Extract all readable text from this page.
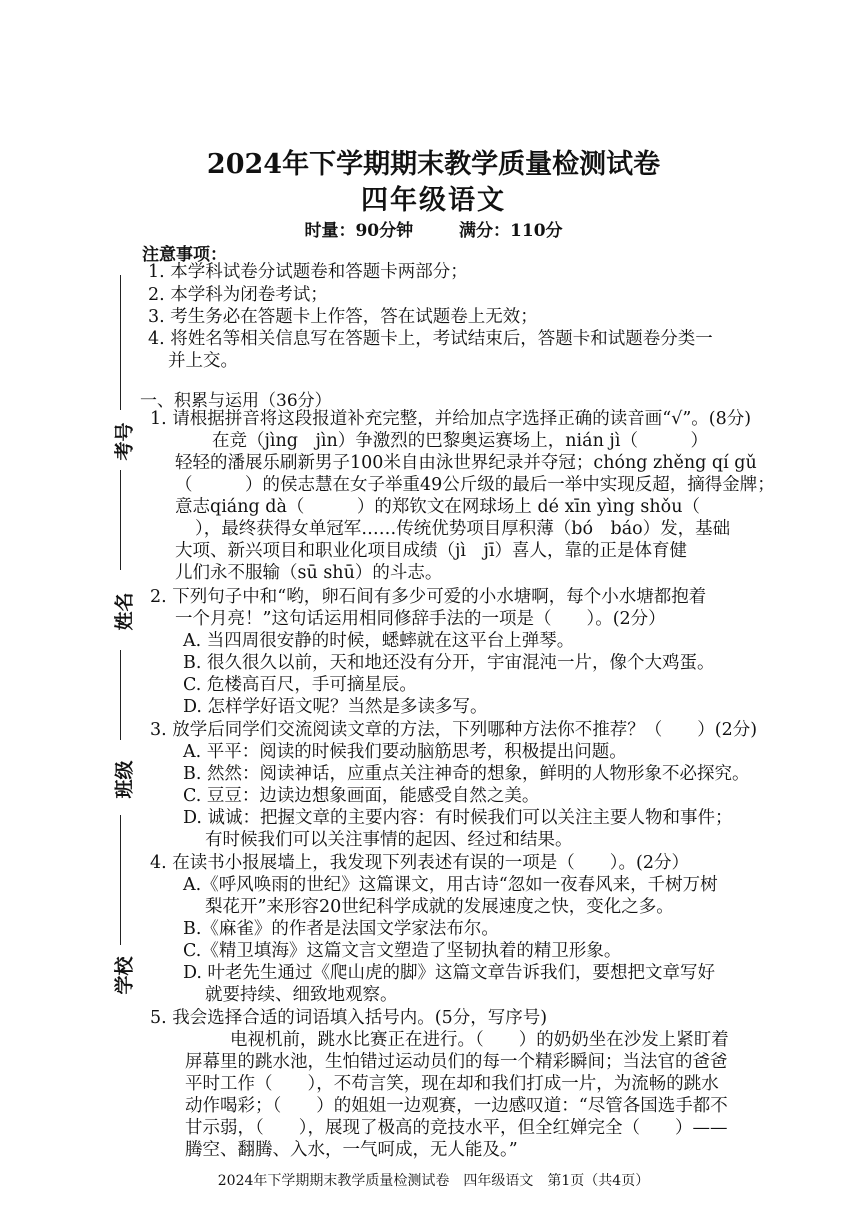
2024年下学期期末教学质量检测试卷
四年级语文
时量：90分钟	满分：110分
注意事项：
1. 本学科试卷分试题卷和答题卡两部分；
2. 本学科为闭卷考试；
3. 考生务必在答题卡上作答，答在试题卷上无效；
4. 将姓名等相关信息写在答题卡上，考试结束后，答题卡和试题卷分类一
并上交。
考号
姓名
班级
学校
一、积累与运用（36分）
1. 请根据拼音将这段报道补充完整，并给加点字选择正确的读音画“√”。(8分)
在竞（jìng　jìn）争激烈的巴黎奥运赛场上，nián jì（　　　）
轻轻的潘展乐刷新男子100米自由泳世界纪录并夺冠；chóng zhěng qí gǔ
（　　　）的侯志慧在女子举重49公斤级的最后一举中实现反超，摘得金牌；
意志qiáng dà（　　　）的郑钦文在网球场上 dé xīn yìng shǒu（
），最终获得女单冠军……传统优势项目厚积薄（bó　báo）发，基础
大项、新兴项目和职业化项目成绩（jì　jī）喜人，靠的正是体育健
儿们永不服输（sū shū）的斗志。
2. 下列句子中和“哟，卵石间有多少可爱的小水塘啊，每个小水塘都抱着
一个月亮！”这句话运用相同修辞手法的一项是（　　）。(2分）
A. 当四周很安静的时候，蟋蟀就在这平台上弹琴。
B. 很久很久以前，天和地还没有分开，宇宙混沌一片，像个大鸡蛋。
C. 危楼高百尺，手可摘星辰。
D. 怎样学好语文呢？当然是多读多写。
3. 放学后同学们交流阅读文章的方法，下列哪种方法你不推荐？（　　）(2分)
A. 平平：阅读的时候我们要动脑筋思考，积极提出问题。
B. 然然：阅读神话，应重点关注神奇的想象，鲜明的人物形象不必探究。
C. 豆豆：边读边想象画面，能感受自然之美。
D. 诚诚：把握文章的主要内容：有时候我们可以关注主要人物和事件；
有时候我们可以关注事情的起因、经过和结果。
4. 在读书小报展墙上，我发现下列表述有误的一项是（　　）。(2分）
A.《呼风唤雨的世纪》这篇课文，用古诗“忽如一夜春风来，千树万树
梨花开”来形容20世纪科学成就的发展速度之快，变化之多。
B.《麻雀》的作者是法国文学家法布尔。
C.《精卫填海》这篇文言文塑造了坚韧执着的精卫形象。
D. 叶老先生通过《爬山虎的脚》这篇文章告诉我们，要想把文章写好
就要持续、细致地观察。
5. 我会选择合适的词语填入括号内。(5分，写序号)
电视机前，跳水比赛正在进行。（　　）的奶奶坐在沙发上紧盯着
屏幕里的跳水池，生怕错过运动员们的每一个精彩瞬间；当法官的爸爸
平时工作（　　），不苟言笑，现在却和我们打成一片，为流畅的跳水
动作喝彩；（　　）的姐姐一边观赛，一边感叹道：“尽管各国选手都不
甘示弱，（　　），展现了极高的竞技水平，但全红婵完全（　　）——
腾空、翻腾、入水，一气呵成，无人能及。”
2024年下学期期末教学质量检测试卷　四年级语文　第1页（共4页）
